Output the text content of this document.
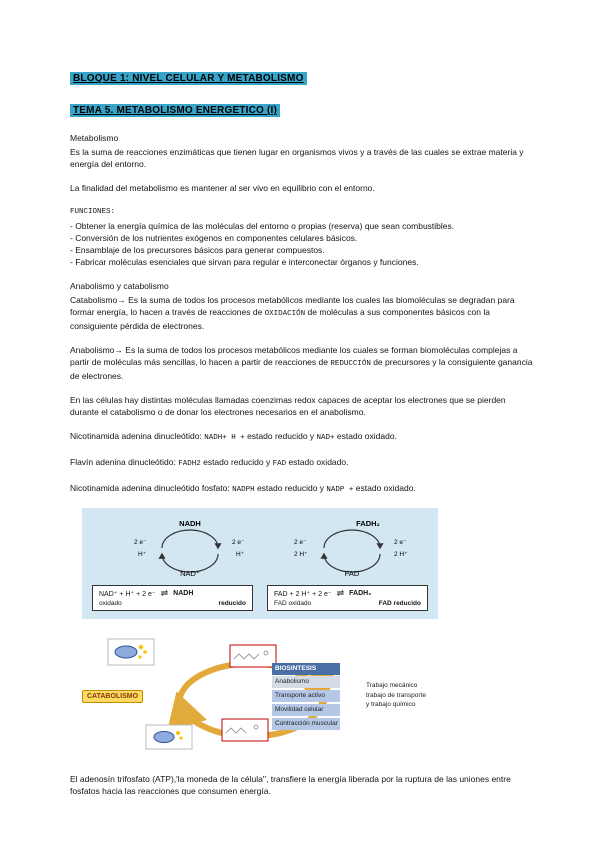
BLOQUE 1: NIVEL CELULAR Y METABOLISMO
TEMA 5. METABOLISMO ENERGETICO (I)

Metabolismo

Es la suma de reacciones enzimáticas que tienen lugar en organismos vivos y a través de las cuales se extrae materia y energía del entorno.

La finalidad del metabolismo es mantener al ser vivo en equilibrio con el entorno.

FUNCIONES:

- Obtener la energía química de las moléculas del entorno o propias (reserva) que sean combustibles.
- Conversión de los nutrientes exógenos en componentes celulares básicos.
- Ensamblaje de los precursores básicos para generar compuestos.
- Fabricar moléculas esenciales que sirvan para regular e interconectar órganos y funciones.

Anabolismo y catabolismo

Catabolismo→ Es la suma de todos los procesos metabólicos mediante los cuales las biomoléculas se degradan para formar energía, lo hacen a través de reacciones de OXIDACIÓN de moléculas a sus componentes básicos con la consiguiente pérdida de electrones.

Anabolismo→ Es la suma de todos los procesos metabólicos mediante los cuales se forman biomoléculas complejas a partir de moléculas más sencillas, lo hacen a partir de reacciones de REDUCCIÓN de precursores y la consiguiente ganancia de electrones.

En las células hay distintas moléculas llamadas coenzimas redox capaces de aceptar los electrones que se pierden durante el catabolismo o de donar los electrones necesarios en el anabolismo.

Nicotinamida adenina dinucleótido: NADH+ H + estado reducido y NAD+ estado oxidado.

Flavín adenina dinucleótido: FADH2 estado reducido y FAD estado oxidado.

Nicotinamida adenina dinucleótido fosfato: NADPH estado reducido y NADP + estado oxidado.

NADH
NAD⁺
2 e⁻
H⁺
2 e⁻
H⁺
FADH₂
FAD
2 e⁻
2 H⁺
2 e⁻
2 H⁺
NAD⁺ + H⁺ + 2 e⁻ ⇌ NADH
oxidado	reducido
FAD + 2 H⁺ + 2 e⁻ ⇌ FADH₂
FAD oxidado	FAD reducido
CATABOLISMO
BIOSINTESIS
Anabolismo
Transporte activo
Movilidad celular
Contracción muscular
Trabajo mecánico
trabajo de transporte
y trabajo químico

El adenosín trifosfato (ATP),'la moneda de la célula'', transfiere la energía liberada por la ruptura de las uniones entre fosfatos hacia las reacciones que consumen energía.
